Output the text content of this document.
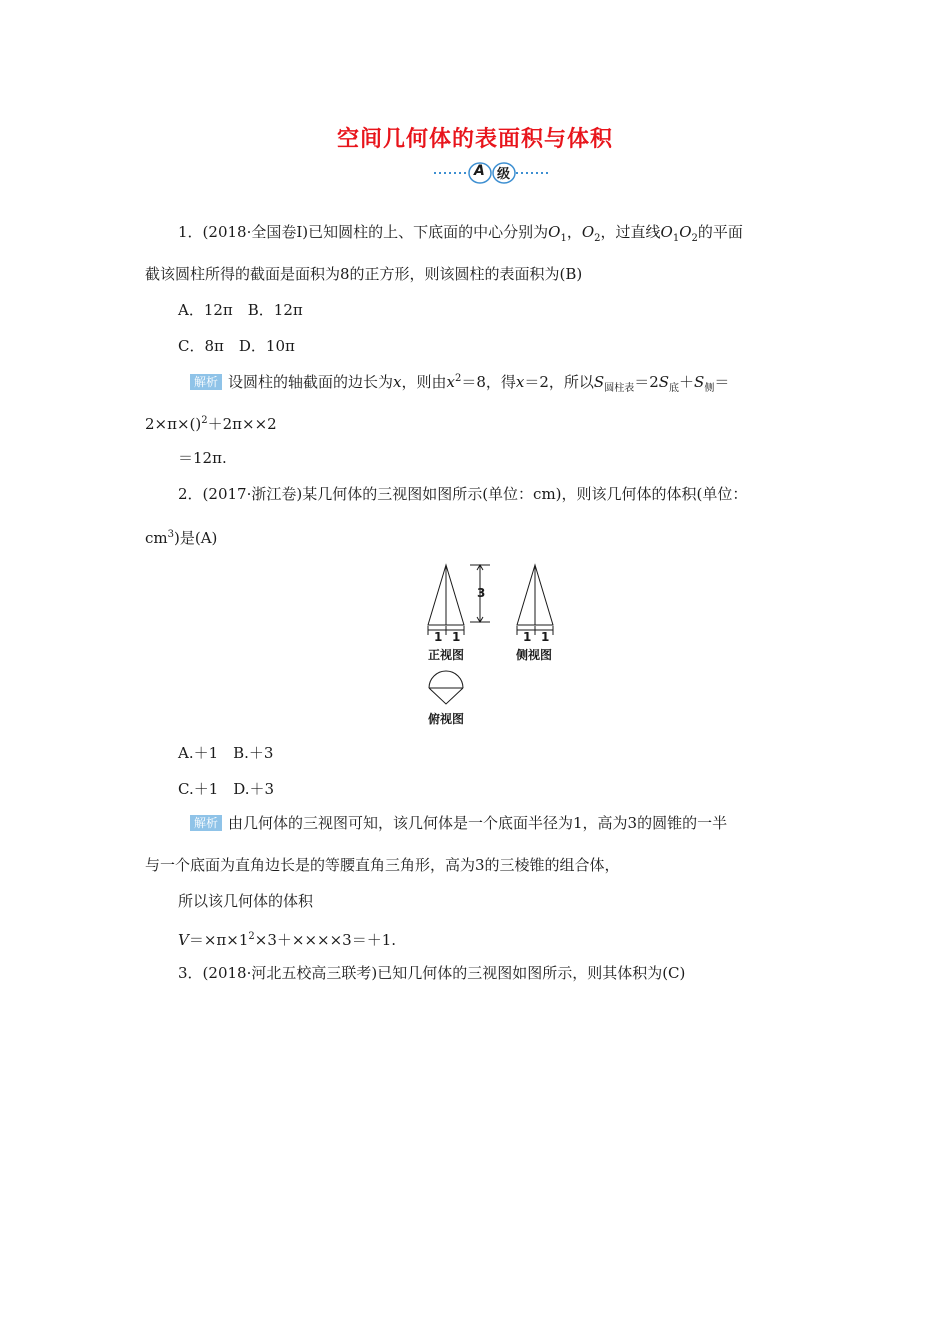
空间几何体的表面积与体积
A 级
1．(2018·全国卷Ⅰ)已知圆柱的上、下底面的中心分别为$O_1$，$O_2$，过直线$O_1O_2$的平面
截该圆柱所得的截面是面积为8的正方形，则该圆柱的表面积为(B)
A．12π　B．12π
C．8π　D．10π
解析 设圆柱的轴截面的边长为x，则由$x^2=8$，得x＝2，所以$S_{圆柱表}=2S_底+S_侧=$
2×π×()$^2$＋2π××2
＝12π.
2．(2017·浙江卷)某几何体的三视图如图所示(单位：cm)，则该几何体的体积(单位：
$cm^3$)是(A)
3
1 1	1 1
正视图	侧视图
俯视图
A.＋1　B.＋3
C.＋1　D.＋3
解析 由几何体的三视图可知，该几何体是一个底面半径为1，高为3的圆锥的一半
与一个底面为直角边长是的等腰直角三角形，高为3的三棱锥的组合体，
所以该几何体的体积
$V=\times\pi\times 1^2\times 3+\times\times\times\times 3=+1$.
3．(2018·河北五校高三联考)已知几何体的三视图如图所示，则其体积为(C)
